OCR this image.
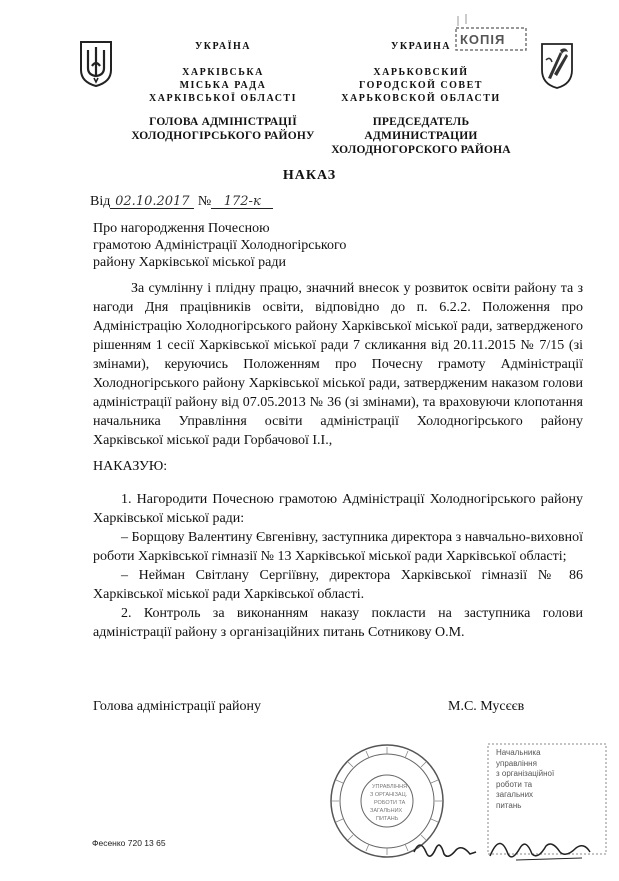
УКРАЇНА
ХАРКІВСЬКА
МІСЬКА РАДА
ХАРКІВСЬКОЇ ОБЛАСТІ
ГОЛОВА АДМІНІСТРАЦІЇ
ХОЛОДНОГІРСЬКОГО РАЙОНУ
УКРАИНА
ХАРЬКОВСКИЙ
ГОРОДСКОЙ СОВЕТ
ХАРЬКОВСКОЙ ОБЛАСТИ
ПРЕДСЕДАТЕЛЬ АДМИНИСТРАЦИИ
ХОЛОДНОГОРСКОГО РАЙОНА
КОПІЯ
НАКАЗ
Від 02.10.2017 № 172-к
Про нагородження Почесною
грамотою Адміністрації Холодногірського
району Харківської міської ради
За сумлінну і плідну працю, значний внесок у розвиток освіти району та з нагоди Дня працівників освіти, відповідно до п. 6.2.2. Положення про Адміністрацію Холодногірського району Харківської міської ради, затвердженого рішенням 1 сесії Харківської міської ради 7 скликання від 20.11.2015 № 7/15 (зі змінами), керуючись Положенням про Почесну грамоту Адміністрації Холодногірського району Харківської міської ради, затвердженим наказом голови адміністрації району від 07.05.2013 № 36 (зі змінами), та враховуючи клопотання начальника Управління освіти адміністрації Холодногірського району Харківської міської ради Горбачової І.І.,
НАКАЗУЮ:
1. Нагородити Почесною грамотою Адміністрації Холодногірського району Харківської міської ради:
– Борщову Валентину Євгенівну, заступника директора з навчально-виховної роботи Харківської гімназії № 13 Харківської міської ради Харківської області;
– Нейман Світлану Сергіївну, директора Харківської гімназії № 86 Харківської міської ради Харківської області.
2. Контроль за виконанням наказу покласти на заступника голови адміністрації району з організаційних питань Сотникову О.М.
Голова адміністрації району	М.С. Мусєєв
УПРАВЛІННЯ
З ОРГАНІЗАЦ.
РОБОТИ ТА
ЗАГАЛЬНИХ
ПИТАНЬ
Начальника
управління
з організаційної
роботи та
загальних
питань
Фесенко 720 13 65
